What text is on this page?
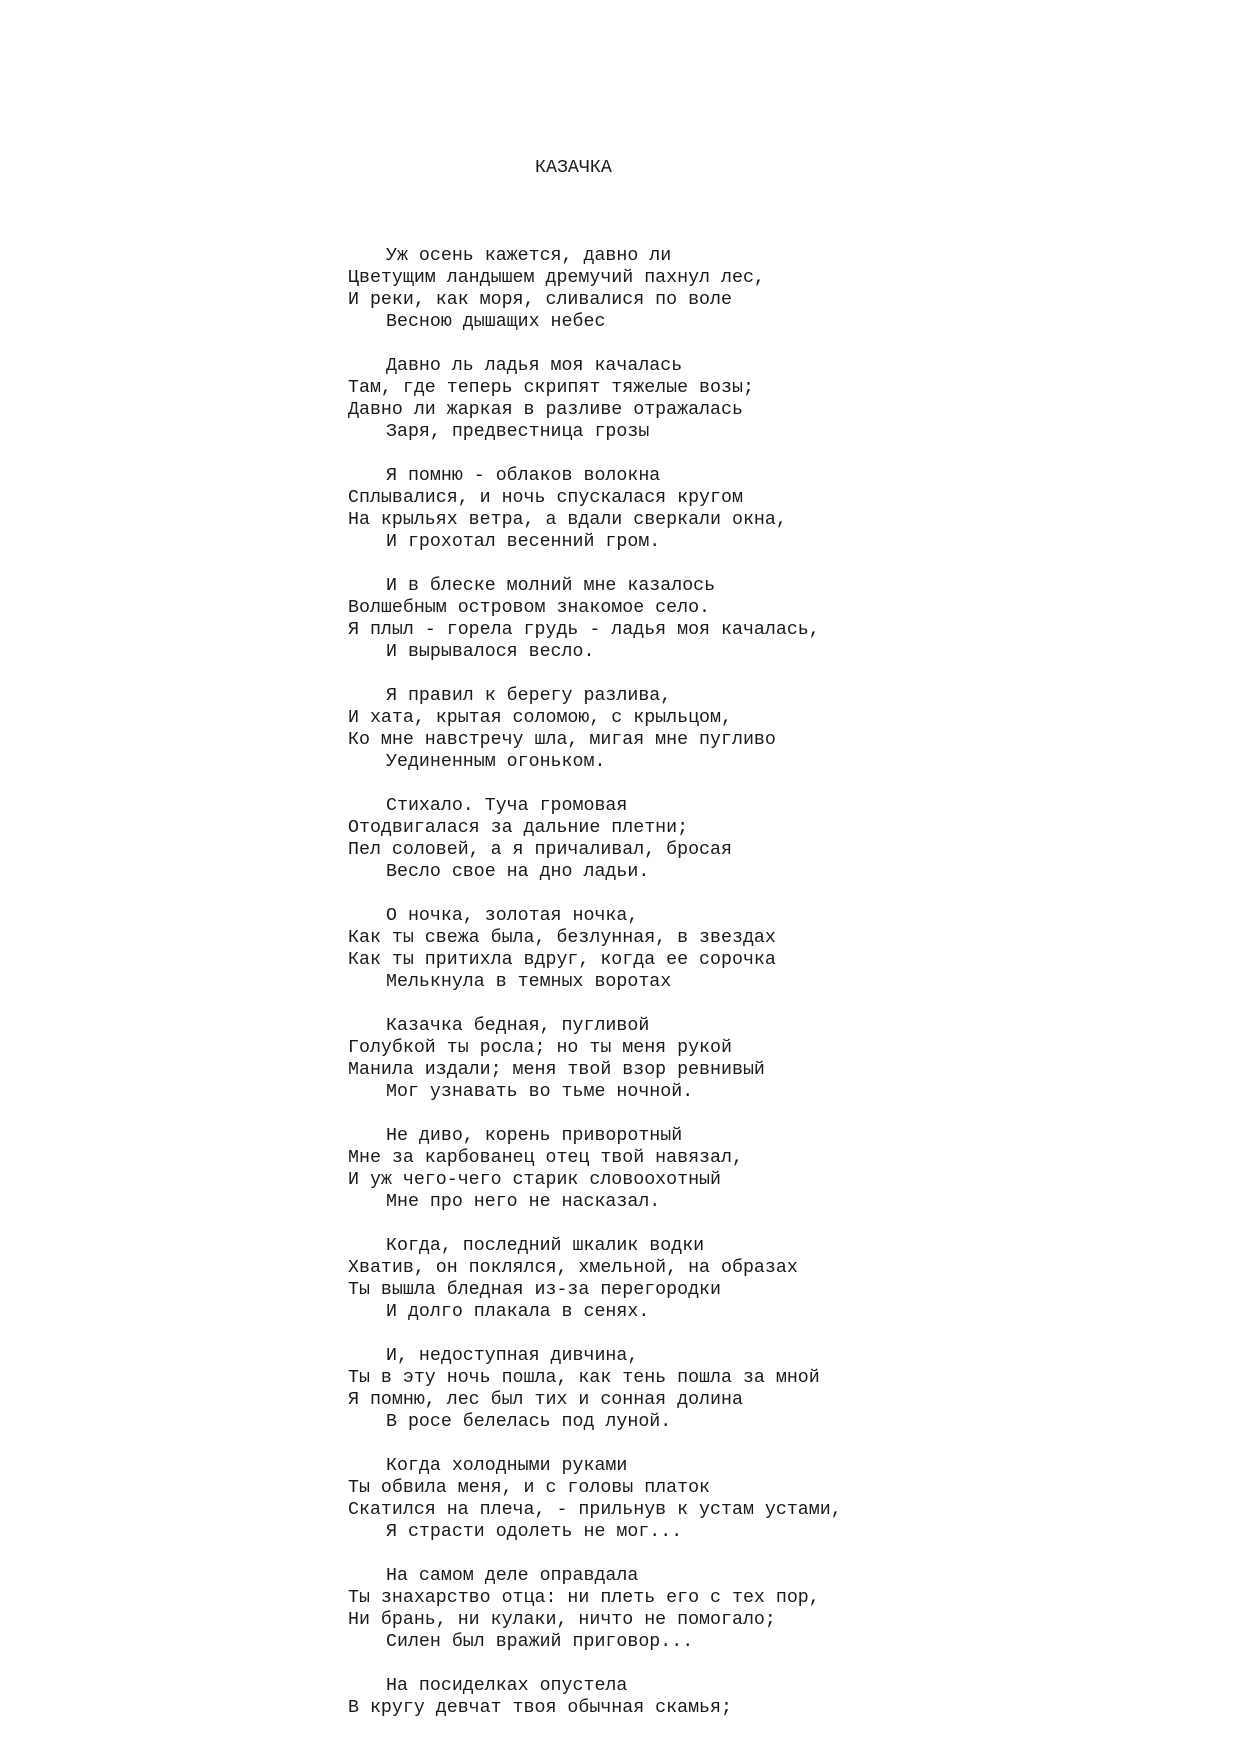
КАЗАЧКА

Уж осень кажется, давно ли
Цветущим ландышем дремучий пахнул лес,
И реки, как моря, сливалися по воле
Весною дышащих небес
Давно ль ладья моя качалась
Там, где теперь скрипят тяжелые возы;
Давно ли жаркая в разливе отражалась
Заря, предвестница грозы
Я помню - облаков волокна
Сплывалися, и ночь спускалася кругом
На крыльях ветра, а вдали сверкали окна,
И грохотал весенний гром.
И в блеске молний мне казалось
Волшебным островом знакомое село.
Я плыл - горела грудь - ладья моя качалась,
И вырывалося весло.
Я правил к берегу разлива,
И хата, крытая соломою, с крыльцом,
Ко мне навстречу шла, мигая мне пугливо
Уединенным огоньком.
Стихало. Туча громовая
Отодвигалася за дальние плетни;
Пел соловей, а я причаливал, бросая
Весло свое на дно ладьи.
О ночка, золотая ночка,
Как ты свежа была, безлунная, в звездах
Как ты притихла вдруг, когда ее сорочка
Мелькнула в темных воротах
Казачка бедная, пугливой
Голубкой ты росла; но ты меня рукой
Манила издали; меня твой взор ревнивый
Мог узнавать во тьме ночной.
Не диво, корень приворотный
Мне за карбованец отец твой навязал,
И уж чего-чего старик словоохотный
Мне про него не насказал.
Когда, последний шкалик водки
Хватив, он поклялся, хмельной, на образах
Ты вышла бледная из-за перегородки
И долго плакала в сенях.
И, недоступная дивчина,
Ты в эту ночь пошла, как тень пошла за мной
Я помню, лес был тих и сонная долина
В росе белелась под луной.
Когда холодными руками
Ты обвила меня, и с головы платок
Скатился на плеча, - прильнув к устам устами,
Я страсти одолеть не мог...
На самом деле оправдала
Ты знахарство отца: ни плеть его с тех пор,
Ни брань, ни кулаки, ничто не помогало;
Силен был вражий приговор...
На посиделках опустела
В кругу девчат твоя обычная скамья;
